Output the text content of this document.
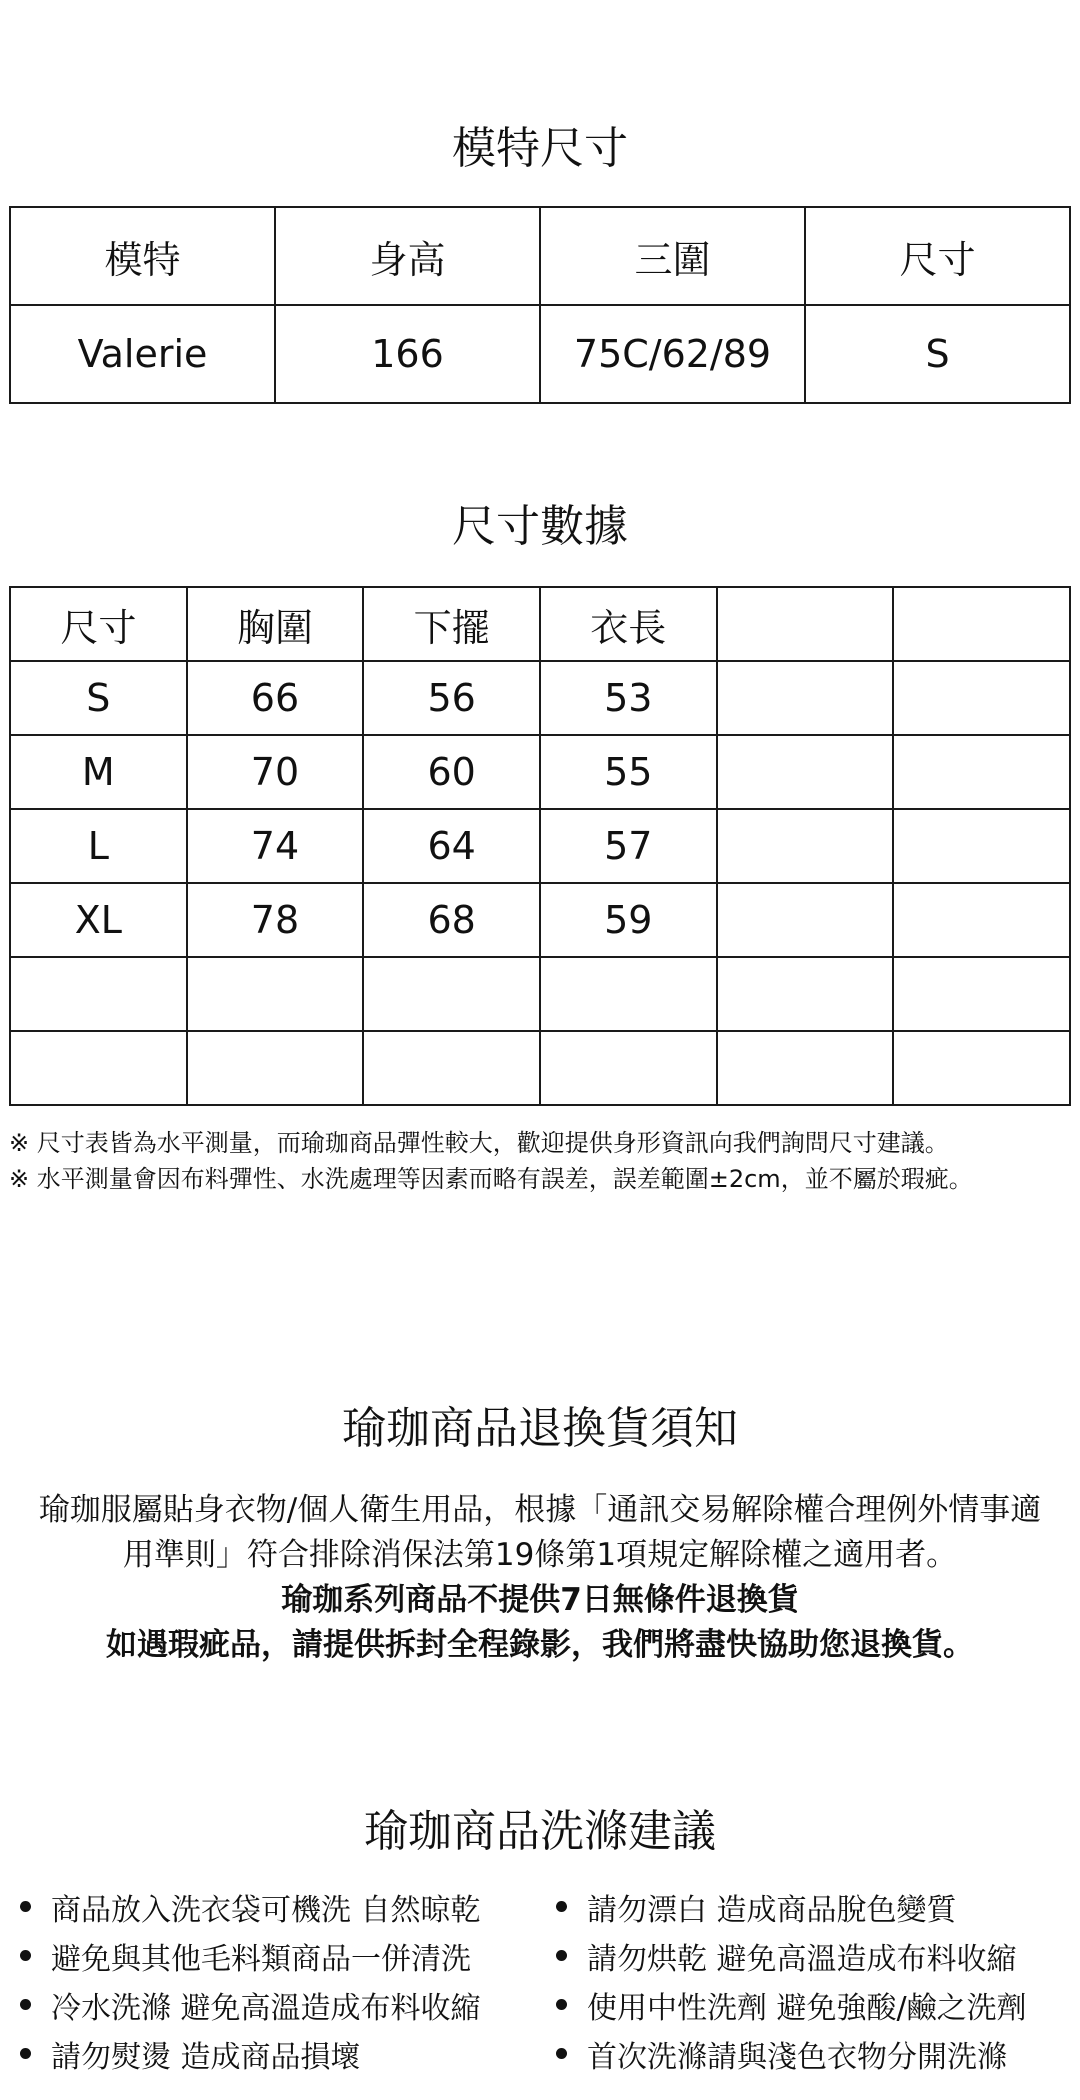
模特尺寸
模特	身高	三圍	尺寸
Valerie	166	75C/62/89	S
尺寸數據
尺寸	胸圍	下擺	衣長		
S	66	56	53		
M	70	60	55		
L	74	64	57		
XL	78	68	59		

※ 尺寸表皆為水平測量，而瑜珈商品彈性較大，歡迎提供身形資訊向我們詢問尺寸建議。
※ 水平測量會因布料彈性、水洗處理等因素而略有誤差，誤差範圍±2cm，並不屬於瑕疵。
瑜珈商品退換貨須知
瑜珈服屬貼身衣物/個人衛生用品，根據「通訊交易解除權合理例外情事適
用準則」符合排除消保法第19條第1項規定解除權之適用者。
瑜珈系列商品不提供7日無條件退換貨
如遇瑕疵品，請提供拆封全程錄影，我們將盡快協助您退換貨。
瑜珈商品洗滌建議
商品放入洗衣袋可機洗 自然晾乾
避免與其他毛料類商品一併清洗
冷水洗滌 避免高溫造成布料收縮
請勿熨燙 造成商品損壞
請勿漂白 造成商品脫色變質
請勿烘乾 避免高溫造成布料收縮
使用中性洗劑 避免強酸/鹼之洗劑
首次洗滌請與淺色衣物分開洗滌
